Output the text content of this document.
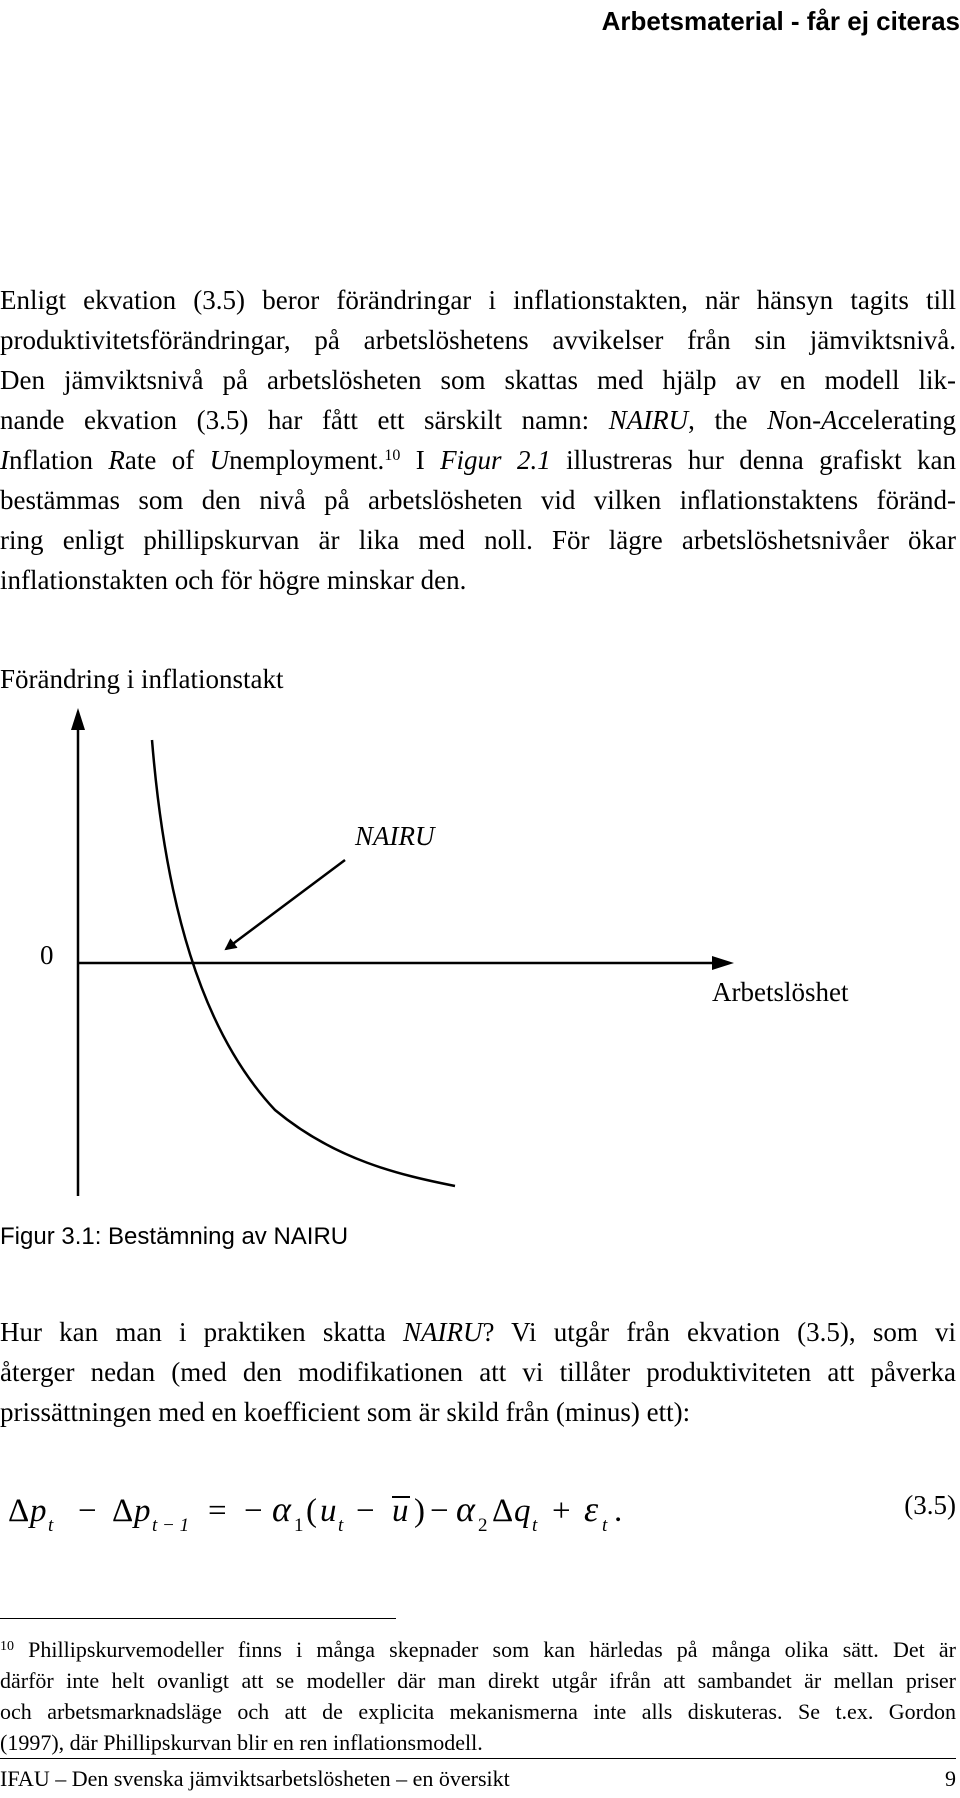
Arbetsmaterial - får ej citeras
Enligt ekvation (3.5) beror förändringar i inflationstakten, när hänsyn tagits till
produktivitetsförändringar, på arbetslöshetens avvikelser från sin jämviktsnivå.
Den jämviktsnivå på arbetslösheten som skattas med hjälp av en modell lik-
nande ekvation (3.5) har fått ett särskilt namn: NAIRU, the Non-Accelerating
Inflation Rate of Unemployment.$^{10}$ I Figur 2.1 illustreras hur denna grafiskt kan
bestämmas som den nivå på arbetslösheten vid vilken inflationstaktens föränd-
ring enligt phillipskurvan är lika med noll. För lägre arbetslöshetsnivåer ökar
inflationstakten och för högre minskar den.
Förändring i inflationstakt
NAIRU
0
Arbetslöshet
Figur 3.1: Bestämning av NAIRU
Hur kan man i praktiken skatta NAIRU? Vi utgår från ekvation (3.5), som vi
återger nedan (med den modifikationen att vi tillåter produktiviteten att påverka
prissättningen med en koefficient som är skild från (minus) ett):
Δ p t − Δ p t − 1 = − α 1 ( u t − u ) − α 2 Δ q t + ε t .	(3.5)
$^{10}$ Phillipskurvemodeller finns i många skepnader som kan härledas på många olika sätt. Det är
därför inte helt ovanligt att se modeller där man direkt utgår ifrån att sambandet är mellan priser
och arbetsmarknadsläge och att de explicita mekanismerna inte alls diskuteras. Se t.ex. Gordon
(1997), där Phillipskurvan blir en ren inflationsmodell.
IFAU – Den svenska jämviktsarbetslösheten – en översikt	9
